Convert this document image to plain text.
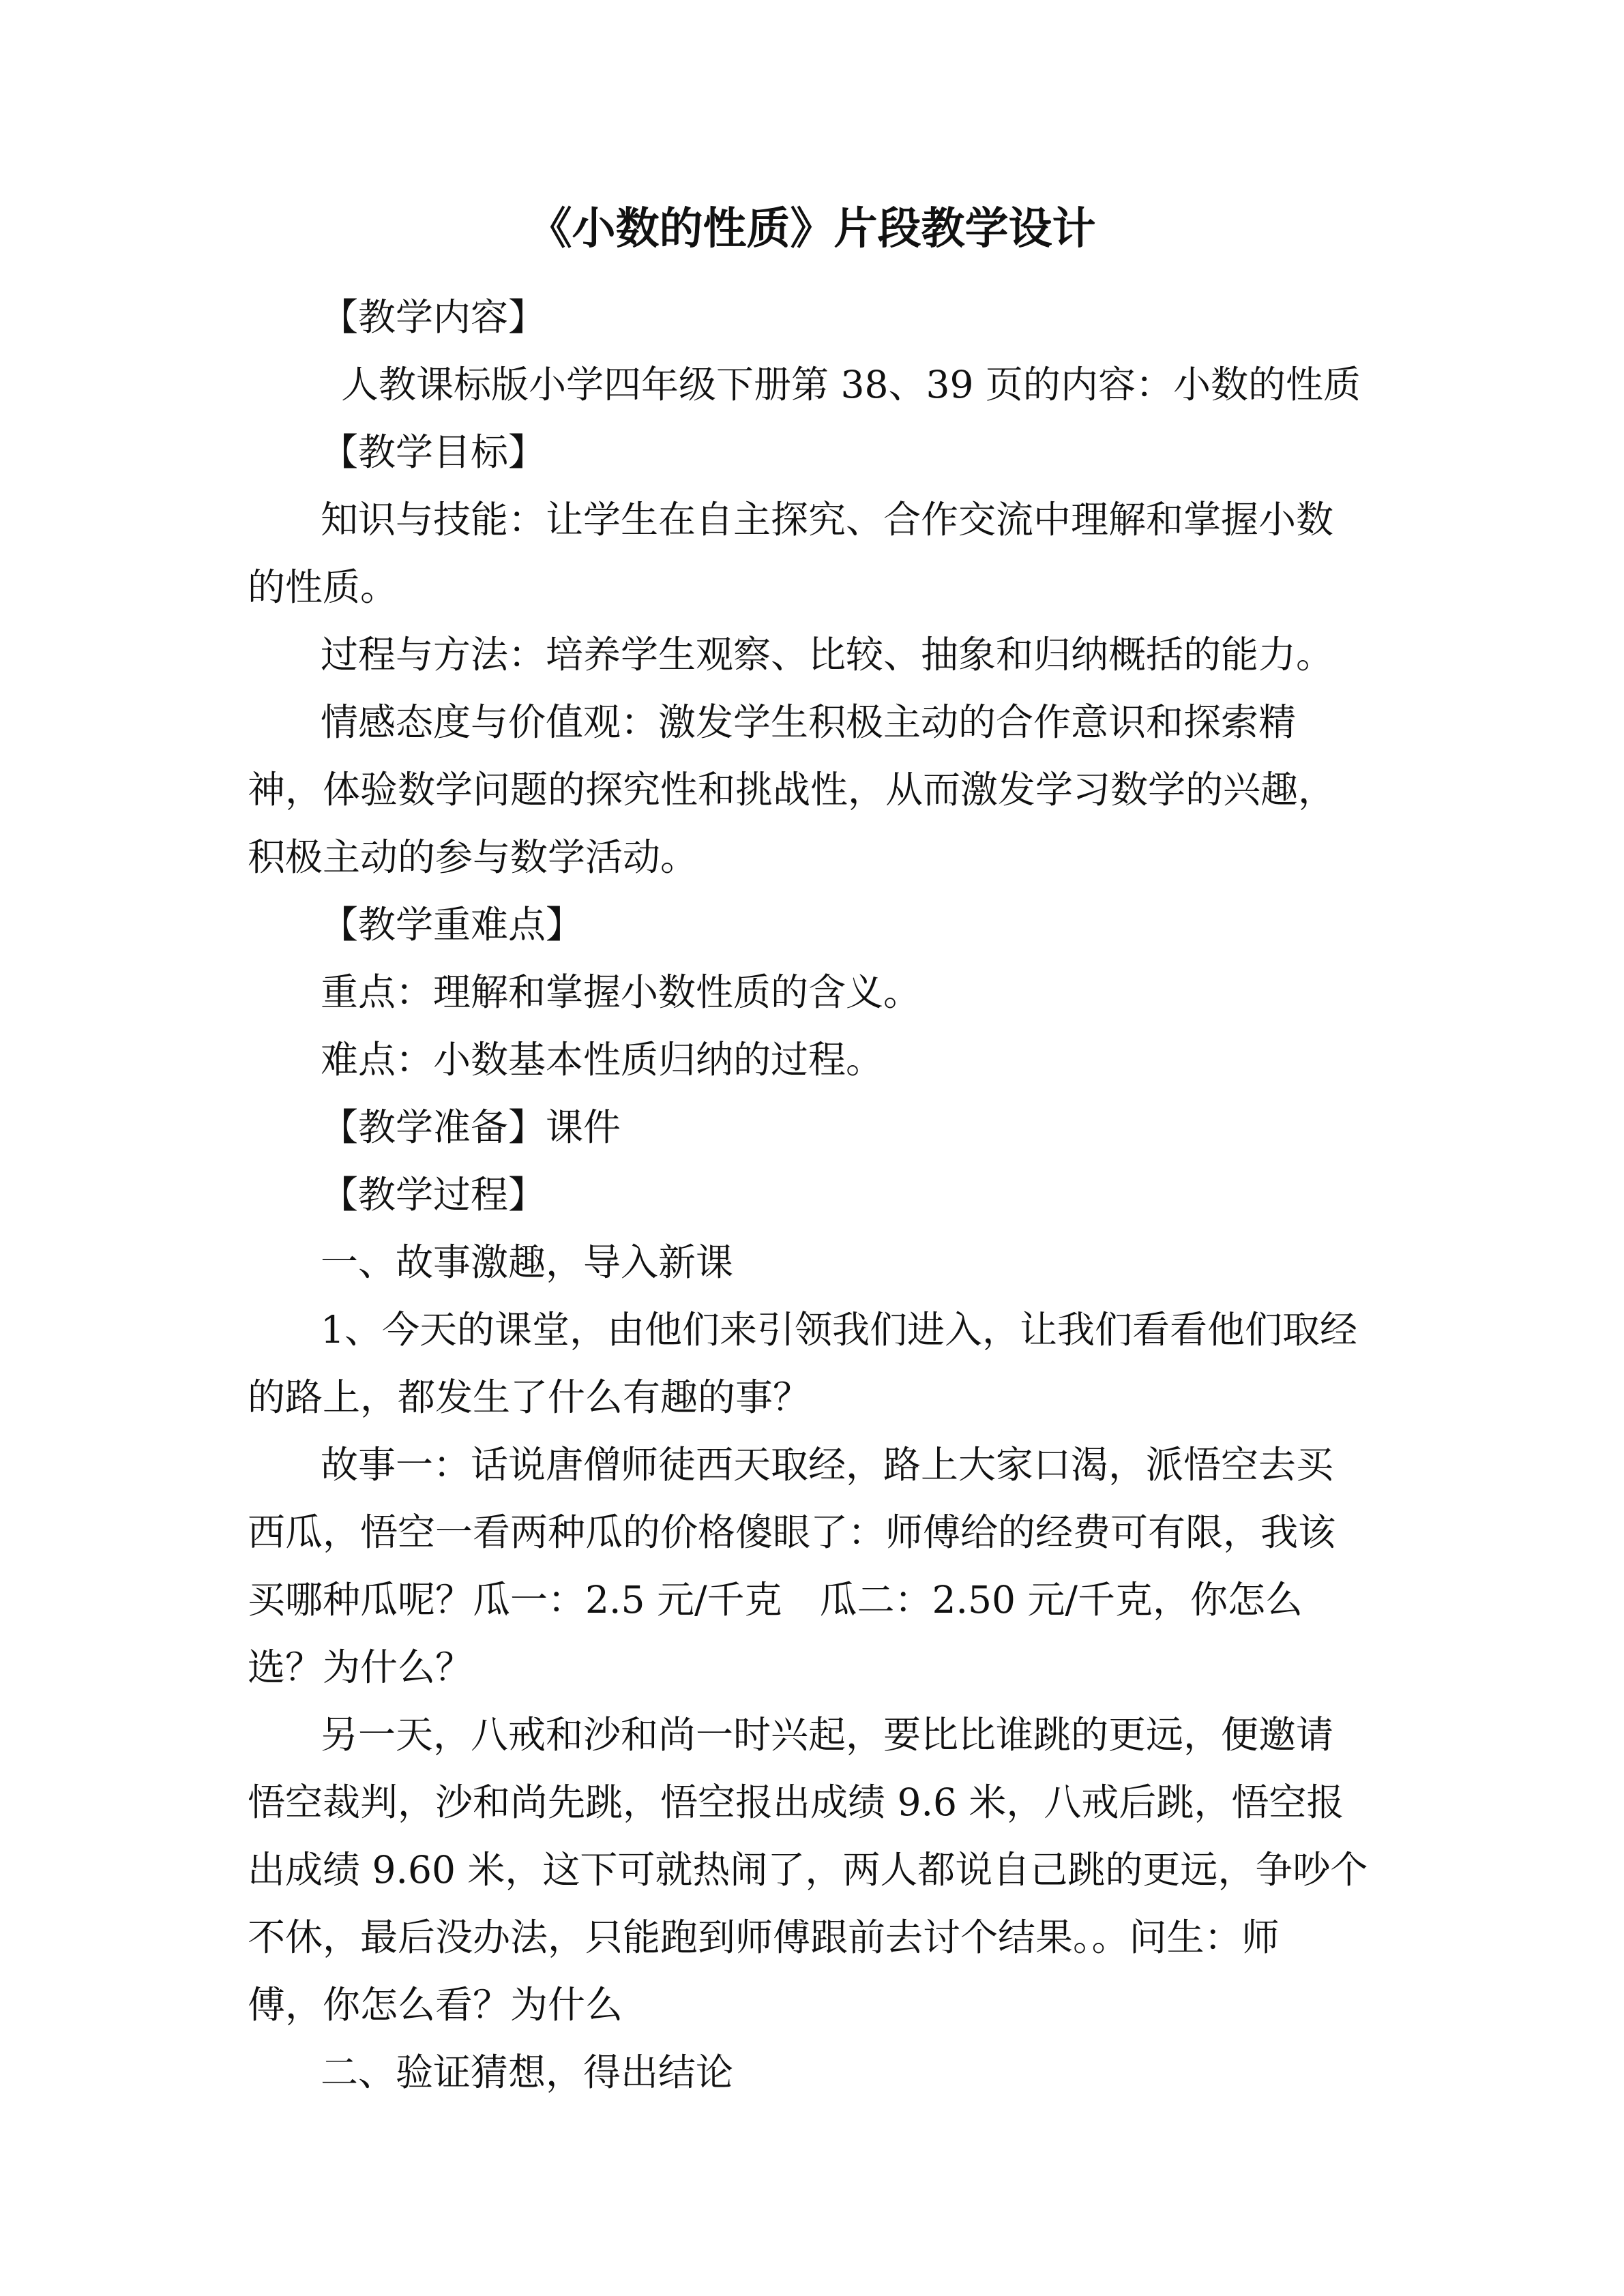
《小数的性质》片段教学设计
【教学内容】
人教课标版小学四年级下册第 38、39 页的内容：小数的性质
【教学目标】
知识与技能：让学生在自主探究、合作交流中理解和掌握小数
的性质。
过程与方法：培养学生观察、比较、抽象和归纳概括的能力。
情感态度与价值观：激发学生积极主动的合作意识和探索精
神，体验数学问题的探究性和挑战性，从而激发学习数学的兴趣，
积极主动的参与数学活动。
【教学重难点】
重点：理解和掌握小数性质的含义。
难点：小数基本性质归纳的过程。
【教学准备】课件
【教学过程】
一、故事激趣，导入新课
1、今天的课堂，由他们来引领我们进入，让我们看看他们取经
的路上，都发生了什么有趣的事？
故事一：话说唐僧师徒西天取经，路上大家口渴，派悟空去买
西瓜，悟空一看两种瓜的价格傻眼了：师傅给的经费可有限，我该
买哪种瓜呢？瓜一：2.5 元/千克　瓜二：2.50 元/千克，你怎么
选？为什么？
另一天，八戒和沙和尚一时兴起，要比比谁跳的更远，便邀请
悟空裁判，沙和尚先跳，悟空报出成绩 9.6 米，八戒后跳，悟空报
出成绩 9.60 米，这下可就热闹了，两人都说自己跳的更远，争吵个
不休，最后没办法，只能跑到师傅跟前去讨个结果。。问生：师
傅，你怎么看？为什么
二、验证猜想，得出结论
